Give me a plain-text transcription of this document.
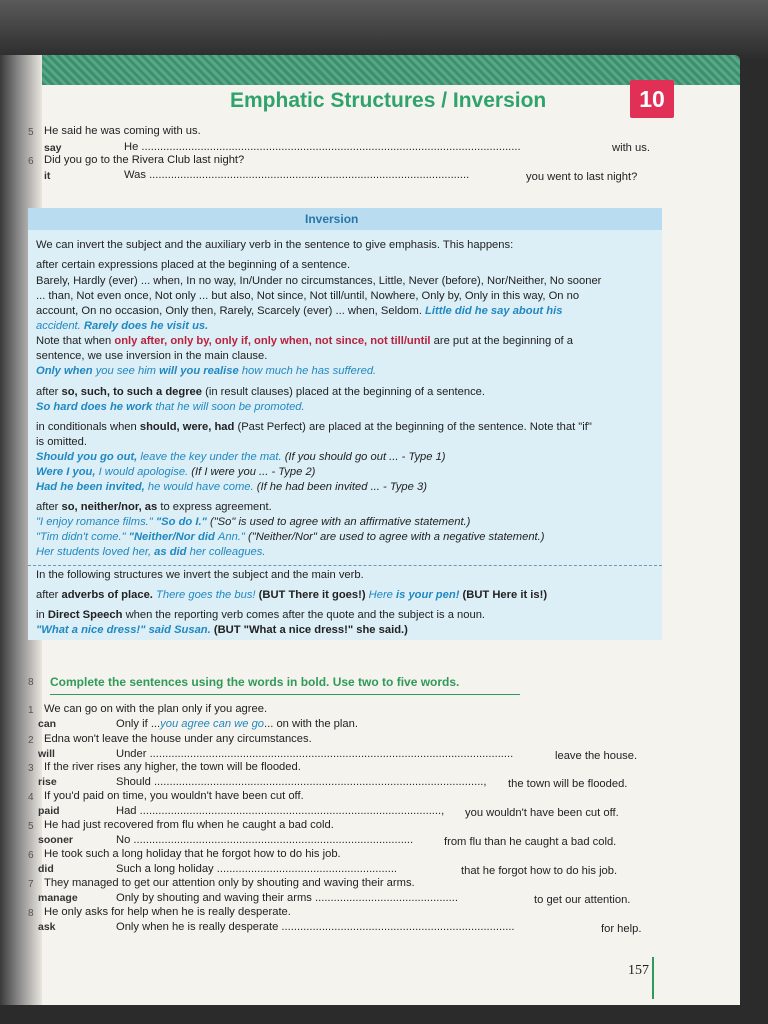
Emphatic Structures / Inversion	10
5 He said he was coming with us.
say	He ..........................................................................................................................	with us.
6 Did you go to the Rivera Club last night?
it	Was .......................................................................................................	you went to last night?
Inversion
We can invert the subject and the auxiliary verb in the sentence to give emphasis. This happens:
after certain expressions placed at the beginning of a sentence.
Barely, Hardly (ever) ... when, In no way, In/Under no circumstances, Little, Never (before), Nor/Neither, No sooner
... than, Not even once, Not only ... but also, Not since, Not till/until, Nowhere, Only by, Only in this way, On no
account, On no occasion, Only then, Rarely, Scarcely (ever) ... when, Seldom. Little did he say about his
accident. Rarely does he visit us.
Note that when only after, only by, only if, only when, not since, not till/until are put at the beginning of a
sentence, we use inversion in the main clause.
Only when you see him will you realise how much he has suffered.
after so, such, to such a degree (in result clauses) placed at the beginning of a sentence.
So hard does he work that he will soon be promoted.
in conditionals when should, were, had (Past Perfect) are placed at the beginning of the sentence. Note that "if"
is omitted.
Should you go out, leave the key under the mat. (If you should go out ... - Type 1)
Were I you, I would apologise. (If I were you ... - Type 2)
Had he been invited, he would have come. (If he had been invited ... - Type 3)
after so, neither/nor, as to express agreement.
"I enjoy romance films." "So do I." ("So" is used to agree with an affirmative statement.)
"Tim didn't come." "Neither/Nor did Ann." ("Neither/Nor" are used to agree with a negative statement.)
Her students loved her, as did her colleagues.
In the following structures we invert the subject and the main verb.
after adverbs of place. There goes the bus! (BUT There it goes!) Here is your pen! (BUT Here it is!)
in Direct Speech when the reporting verb comes after the quote and the subject is a noun.
"What a nice dress!" said Susan. (BUT "What a nice dress!" she said.)
8 Complete the sentences using the words in bold. Use two to five words.
1 We can go on with the plan only if you agree.
can	Only if ...you agree can we go... on with the plan.
2 Edna won't leave the house under any circumstances.
will	Under .....................................................................................................................	leave the house.
3 If the river rises any higher, the town will be flooded.
rise	Should .........................................................................................................., the town will be flooded.
4 If you'd paid on time, you wouldn't have been cut off.
paid	Had ................................................................................................., you wouldn't have been cut off.
5 He had just recovered from flu when he caught a bad cold.
sooner	No ..........................................................................................	from flu than he caught a bad cold.
6 He took such a long holiday that he forgot how to do his job.
did	Such a long holiday ..........................................................	that he forgot how to do his job.
7 They managed to get our attention only by shouting and waving their arms.
manage	Only by shouting and waving their arms ..............................................	to get our attention.
8 He only asks for help when he is really desperate.
ask	Only when he is really desperate ...........................................................................	for help.
157
